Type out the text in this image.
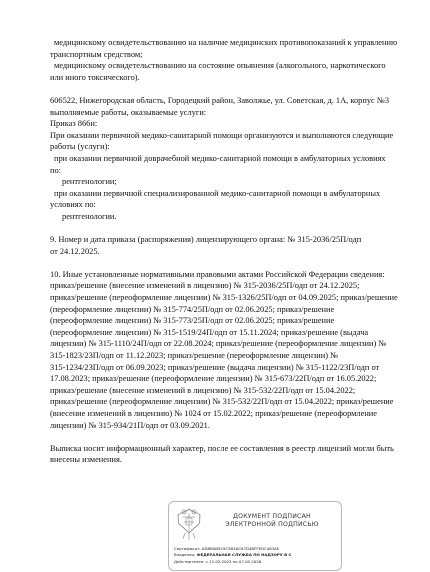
медицинскому освидетельствованию на наличие медицинских противопоказаний к управлению
транспортным средством;
медицинскому освидетельствованию на состояние опьянения (алкогольного, наркотического
или иного токсического).
606522, Нижегородская область, Городецкий район, Заволжье, ул. Советская, д. 1А, корпус №3
выполняемые работы, оказываемые услуги:
Приказ 866н:
При оказании первичной медико-санитарной помощи организуются и выполняются следующие
работы (услуги):
при оказании первичной доврачебной медико-санитарной помощи в амбулаторных условиях
по:
рентгенологии;
при оказании первичной специализированной медико-санитарной помощи в амбулаторных
условиях по:
рентгенологии.
9. Номер и дата приказа (распоряжения) лицензирующего органа: № 315-2036/25П/одп
от 24.12.2025.
10. Иные установленные нормативными правовыми актами Российской Федерации сведения:
приказ/решение (внесение изменений в лицензию) № 315-2036/25П/одп от 24.12.2025;
приказ/решение (переоформление лицензии) № 315-1326/25П/одп от 04.09.2025; приказ/решение
(переоформление лицензии) № 315-774/25П/одп от 02.06.2025; приказ/решение
(переоформление лицензии) № 315-773/25П/одп от 02.06.2025; приказ/решение
(переоформление лицензии) № 315-1519/24П/одп от 15.11.2024; приказ/решение (выдача
лицензии) № 315-1110/24П/одп от 22.08.2024; приказ/решение (переоформление лицензии) №
315-1823/23П/одп от 11.12.2023; приказ/решение (переоформление лицензии) №
315-1234/23П/одп от 06.09.2023; приказ/решение (выдача лицензии) № 315-1122/23П/одп от
17.08.2023; приказ/решение (переоформление лицензии) № 315-673/22П/одп от 16.05.2022;
приказ/решение (внесение изменений в лицензию) № 315-532/22П/одп от 15.04.2022;
приказ/решение (переоформление лицензии) № 315-532/22П/одп от 15.04.2022; приказ/решение
(внесение изменений в лицензию) № 1024 от 15.02.2022; приказ/решение (переоформление
лицензии) № 315-934/21П/одп от 03.09.2021.
Выписка носит информационный характер, после ее составления в реестр лицензий могли быть
внесены изменения.
ДОКУМЕНТ ПОДПИСАН
ЭЛЕКТРОННОЙ ПОДПИСЬЮ
Сертификат: ADBB0B925C5B4AC67D4BFFEDC463AE
Владелец: ФЕДЕРАЛЬНАЯ СЛУЖБА ПО НАДЗОРУ В С
Действителен: с 11.02.2025 по 07.05.2026
